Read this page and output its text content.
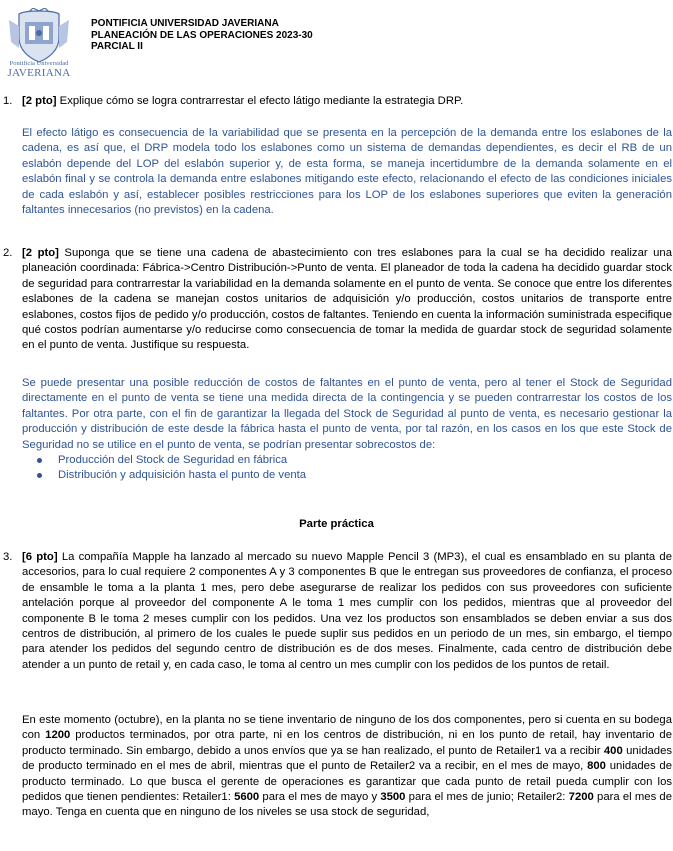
Pontificia Universidad
JAVERIANA
PONTIFICIA UNIVERSIDAD JAVERIANA
PLANEACIÓN DE LAS OPERACIONES 2023-30
PARCIAL II
1. [2 pto] Explique cómo se logra contrarrestar el efecto látigo mediante la estrategia DRP.
El efecto látigo es consecuencia de la variabilidad que se presenta en la percepción de la demanda entre los eslabones de la cadena, es así que, el DRP modela todo los eslabones como un sistema de demandas dependientes, es decir el RB de un eslabón depende del LOP del eslabón superior y, de esta forma, se maneja incertidumbre de la demanda solamente en el eslabón final y se controla la demanda entre eslabones mitigando este efecto, relacionando el efecto de las condiciones iniciales de cada eslabón y así, establecer posibles restricciones para los LOP de los eslabones superiores que eviten la generación faltantes innecesarios (no previstos) en la cadena.
2. [2 pto] Suponga que se tiene una cadena de abastecimiento con tres eslabones para la cual se ha decidido realizar una planeación coordinada: Fábrica->Centro Distribución->Punto de venta. El planeador de toda la cadena ha decidido guardar stock de seguridad para contrarrestar la variabilidad en la demanda solamente en el punto de venta. Se conoce que entre los diferentes eslabones de la cadena se manejan costos unitarios de adquisición y/o producción, costos unitarios de transporte entre eslabones, costos fijos de pedido y/o producción, costos de faltantes. Teniendo en cuenta la información suministrada especifique qué costos podrían aumentarse y/o reducirse como consecuencia de tomar la medida de guardar stock de seguridad solamente en el punto de venta. Justifique su respuesta.
Se puede presentar una posible reducción de costos de faltantes en el punto de venta, pero al tener el Stock de Seguridad directamente en el punto de venta se tiene una medida directa de la contingencia y se pueden contrarrestar los costos de los faltantes. Por otra parte, con el fin de garantizar la llegada del Stock de Seguridad al punto de venta, es necesario gestionar la producción y distribución de este desde la fábrica hasta el punto de venta, por tal razón, en los casos en los que este Stock de Seguridad no se utilice en el punto de venta, se podrían presentar sobrecostos de:
Producción del Stock de Seguridad en fábrica
Distribución y adquisición hasta el punto de venta
Parte práctica
3. [6 pto] La compañía Mapple ha lanzado al mercado su nuevo Mapple Pencil 3 (MP3), el cual es ensamblado en su planta de accesorios, para lo cual requiere 2 componentes A y 3 componentes B que le entregan sus proveedores de confianza, el proceso de ensamble le toma a la planta 1 mes, pero debe asegurarse de realizar los pedidos con sus proveedores con suficiente antelación porque al proveedor del componente A le toma 1 mes cumplir con los pedidos, mientras que al proveedor del componente B le toma 2 meses cumplir con los pedidos. Una vez los productos son ensamblados se deben enviar a sus dos centros de distribución, al primero de los cuales le puede suplir sus pedidos en un periodo de un mes, sin embargo, el tiempo para atender los pedidos del segundo centro de distribución es de dos meses. Finalmente, cada centro de distribución debe atender a un punto de retail y, en cada caso, le toma al centro un mes cumplir con los pedidos de los puntos de retail.
En este momento (octubre), en la planta no se tiene inventario de ninguno de los dos componentes, pero si cuenta en su bodega con 1200 productos terminados, por otra parte, ni en los centros de distribución, ni en los punto de retail, hay inventario de producto terminado. Sin embargo, debido a unos envíos que ya se han realizado, el punto de Retailer1 va a recibir 400 unidades de producto terminado en el mes de abril, mientras que el punto de Retailer2 va a recibir, en el mes de mayo, 800 unidades de producto terminado. Lo que busca el gerente de operaciones es garantizar que cada punto de retail pueda cumplir con los pedidos que tienen pendientes: Retailer1: 5600 para el mes de mayo y 3500 para el mes de junio; Retailer2: 7200 para el mes de mayo. Tenga en cuenta que en ninguno de los niveles se usa stock de seguridad,
